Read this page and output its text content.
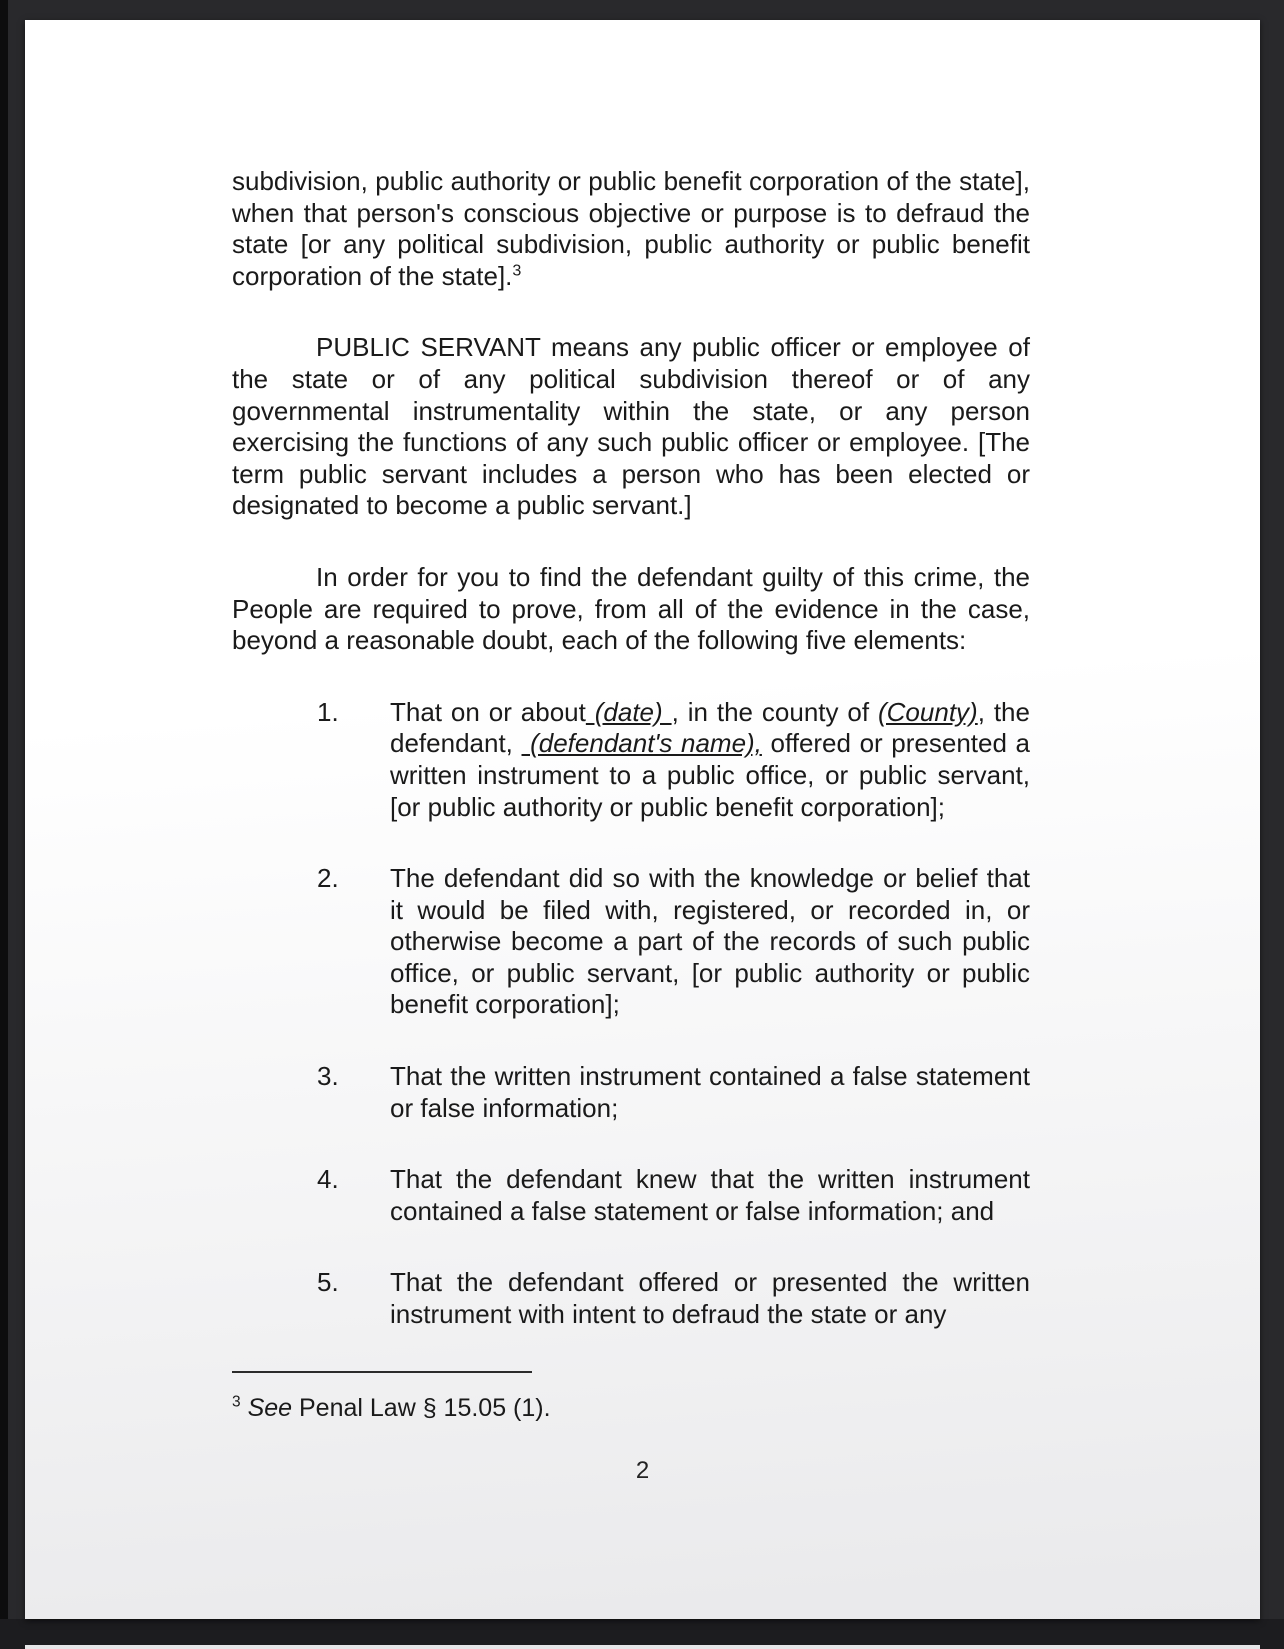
subdivision, public authority or public benefit corporation of the state], when that person's conscious objective or purpose is to defraud the state [or any political subdivision, public authority or public benefit corporation of the state].$^3$

PUBLIC SERVANT means any public officer or employee of the state or of any political subdivision thereof or of any governmental instrumentality within the state, or any person exercising the functions of any such public officer or employee. [The term public servant includes a person who has been elected or designated to become a public servant.]

In order for you to find the defendant guilty of this crime, the People are required to prove, from all of the evidence in the case, beyond a reasonable doubt, each of the following five elements:

1.	That on or about (date) , in the county of (County), the defendant,  (defendant's name), offered or presented a written instrument to a public office, or public servant, [or public authority or public benefit corporation];
2.	The defendant did so with the knowledge or belief that it would be filed with, registered, or recorded in, or otherwise become a part of the records of such public office, or public servant, [or public authority or public benefit corporation];
3.	That the written instrument contained a false statement or false information;
4.	That the defendant knew that the written instrument contained a false statement or false information; and
5.	That the defendant offered or presented the written instrument with intent to defraud the state or any

$^3$ See Penal Law § 15.05 (1).

2
